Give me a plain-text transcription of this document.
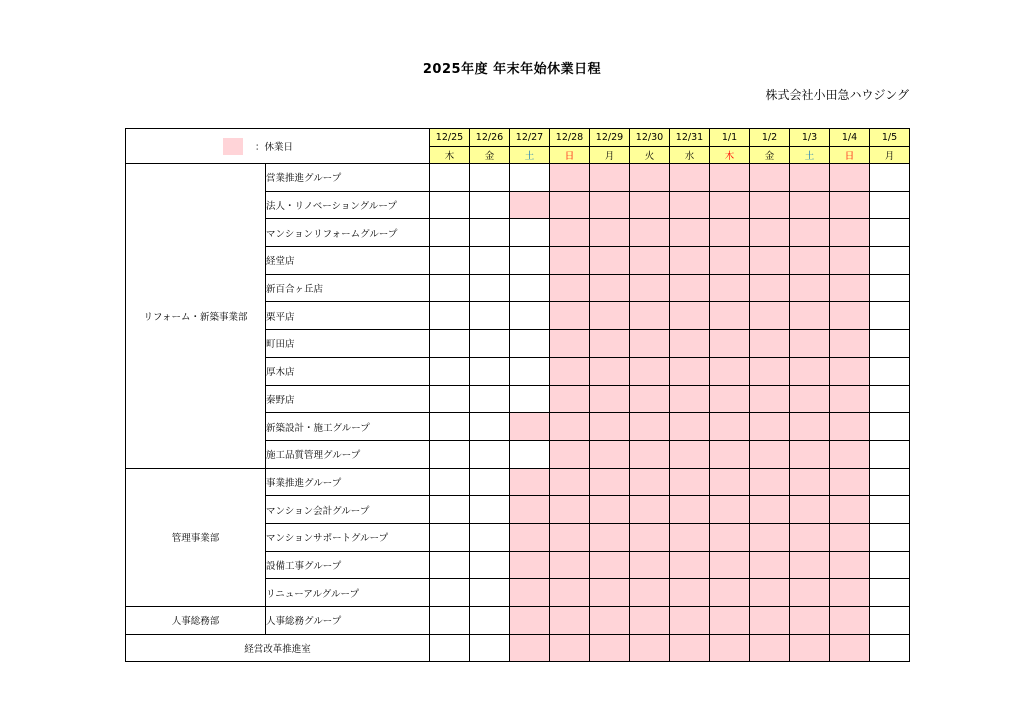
2025年度 年末年始休業日程
株式会社小田急ハウジング
：休業日		12/25	12/26	12/27	12/28	12/29	12/30	12/31	1/1	1/2	1/3	1/4	1/5
		木	金	土	日	月	火	水	木	金	土	日	月
リフォーム・新築事業部	営業推進グループ												
	法人・リノベーショングループ												
	マンションリフォームグループ												
	経堂店												
	新百合ヶ丘店												
	栗平店												
	町田店												
	厚木店												
	秦野店												
	新築設計・施工グループ												
	施工品質管理グループ												
管理事業部	事業推進グループ												
	マンション会計グループ												
	マンションサポートグループ												
	設備工事グループ												
	リニューアルグループ												
人事総務部	人事総務グループ												
経営改革推進室													
